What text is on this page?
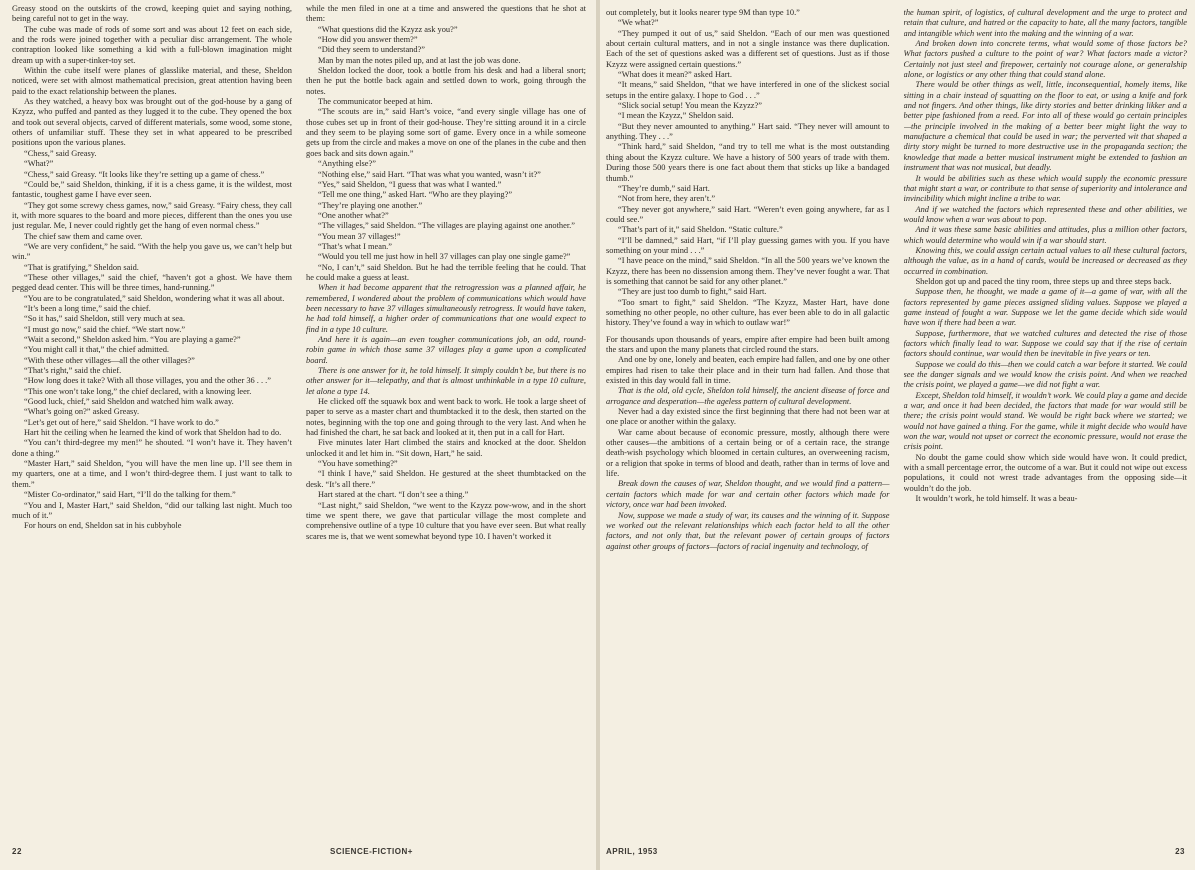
Greasy stood on the outskirts of the crowd, keeping quiet and saying nothing, being careful not to get in the way.

The cube was made of rods of some sort and was about 12 feet on each side, and the rods were joined together with a peculiar disc arrangement. The whole contraption looked like something a kid with a full-blown imagination might dream up with a super-tinker-toy set.

Within the cube itself were planes of glasslike material, and these, Sheldon noticed, were set with almost mathematical precision, great attention having been paid to the exact relationship between the planes.

As they watched, a heavy box was brought out of the god-house by a gang of Kzyzz, who puffed and panted as they lugged it to the cube. They opened the box and took out several objects, carved of different materials, some wood, some stone, others of unfamiliar stuff. These they set in what appeared to be prescribed positions upon the various planes.

“Chess,” said Greasy.

“What?”

“Chess,” said Greasy. “It looks like they’re setting up a game of chess.”

“Could be,” said Sheldon, thinking, if it is a chess game, it is the wildest, most fantastic, toughest game I have ever seen.

“They got some screwy chess games, now,” said Greasy. “Fairy chess, they call it, with more squares to the board and more pieces, different than the ones you use just regular. Me, I never could rightly get the hang of even normal chess.”

The chief saw them and came over.

“We are very confident,” he said. “With the help you gave us, we can’t help but win.”

“That is gratifying,” Sheldon said.

“These other villages,” said the chief, “haven’t got a ghost. We have them pegged dead center. This will be three times, hand-running.”

“You are to be congratulated,” said Sheldon, wondering what it was all about.

“It’s been a long time,” said the chief.

“So it has,” said Sheldon, still very much at sea.

“I must go now,” said the chief. “We start now.”

“Wait a second,” Sheldon asked him. “You are playing a game?”

“You might call it that,” the chief admitted.

“With these other villages—all the other villages?”

“That’s right,” said the chief.

“How long does it take? With all those villages, you and the other 36 . . .”

“This one won’t take long,” the chief declared, with a knowing leer.

“Good luck, chief,” said Sheldon and watched him walk away.

“What’s going on?” asked Greasy.

“Let’s get out of here,” said Sheldon. “I have work to do.”

Hart hit the ceiling when he learned the kind of work that Sheldon had to do.

“You can’t third-degree my men!” he shouted. “I won’t have it. They haven’t done a thing.”

“Master Hart,” said Sheldon, “you will have the men line up. I’ll see them in my quarters, one at a time, and I won’t third-degree them. I just want to talk to them.”

“Mister Co-ordinator,” said Hart, “I’ll do the talking for them.”

“You and I, Master Hart,” said Sheldon, “did our talking last night. Much too much of it.”

For hours on end, Sheldon sat in his cubbyhole

while the men filed in one at a time and answered the questions that he shot at them:

“What questions did the Kzyzz ask you?”

“How did you answer them?”

“Did they seem to understand?”

Man by man the notes piled up, and at last the job was done.

Sheldon locked the door, took a bottle from his desk and had a liberal snort; then he put the bottle back again and settled down to work, going through the notes.

The communicator beeped at him.

“The scouts are in,” said Hart’s voice, “and every single village has one of those cubes set up in front of their god-house. They’re sitting around it in a circle and they seem to be playing some sort of game. Every once in a while someone gets up from the circle and makes a move on one of the planes in the cube and then goes back and sits down again.”

“Anything else?”

“Nothing else,” said Hart. “That was what you wanted, wasn’t it?”

“Yes,” said Sheldon, “I guess that was what I wanted.”

“Tell me one thing,” asked Hart. “Who are they playing?”

“They’re playing one another.”

“One another what?”

“The villages,” said Sheldon. “The villages are playing against one another.”

“You mean 37 villages!”

“That’s what I mean.”

“Would you tell me just how in hell 37 villages can play one single game?”

“No, I can’t,” said Sheldon. But he had the terrible feeling that he could. That he could make a guess at least.

When it had become apparent that the retrogression was a planned affair, he remembered, I wondered about the problem of communications which would have been necessary to have 37 villages simultaneously retrogress. It would have taken, he had told himself, a higher order of communications that one would expect to find in a type 10 culture.

And here it is again—an even tougher communications job, an odd, round-robin game in which those same 37 villages play a game upon a complicated board.

There is one answer for it, he told himself. It simply couldn’t be, but there is no other answer for it—telepathy, and that is almost unthinkable in a type 10 culture, let alone a type 14.

He clicked off the squawk box and went back to work. He took a large sheet of paper to serve as a master chart and thumbtacked it to the desk, then started on the notes, beginning with the top one and going through to the very last. And when he had finished the chart, he sat back and looked at it, then put in a call for Hart.

Five minutes later Hart climbed the stairs and knocked at the door. Sheldon unlocked it and let him in. “Sit down, Hart,” he said.

“You have something?”

“I think I have,” said Sheldon. He gestured at the sheet thumbtacked on the desk. “It’s all there.”

Hart stared at the chart. “I don’t see a thing.”

“Last night,” said Sheldon, “we went to the Kzyzz pow-wow, and in the short time we spent there, we gave that particular village the most complete and comprehensive outline of a type 10 culture that you have ever seen. But what really scares me is, that we went somewhat beyond type 10. I haven’t worked it

22	SCIENCE-FICTION+

out completely, but it looks nearer type 9M than type 10.”

“We what?”

“They pumped it out of us,” said Sheldon. “Each of our men was questioned about certain cultural matters, and in not a single instance was there duplication. Each of the set of questions asked was a different set of questions. Just as if those Kzyzz were assigned certain questions.”

“What does it mean?” asked Hart.

“It means,” said Sheldon, “that we have interfered in one of the slickest social setups in the entire galaxy. I hope to God . . .”

“Slick social setup! You mean the Kzyzz?”

“I mean the Kzyzz,” Sheldon said.

“But they never amounted to anything.” Hart said. “They never will amount to anything. They . . .”

“Think hard,” said Sheldon, “and try to tell me what is the most outstanding thing about the Kzyzz culture. We have a history of 500 years of trade with them. During those 500 years there is one fact about them that sticks up like a bandaged thumb.”

“They’re dumb,” said Hart.

“Not from here, they aren’t.”

“They never got anywhere,” said Hart. “Weren’t even going anywhere, far as I could see.”

“That’s part of it,” said Sheldon. “Static culture.”

“I’ll be damned,” said Hart, “if I’ll play guessing games with you. If you have something on your mind . . .”

“I have peace on the mind,” said Sheldon. “In all the 500 years we’ve known the Kzyzz, there has been no dissension among them. They’ve never fought a war. That is something that cannot be said for any other planet.”

“They are just too dumb to fight,” said Hart.

“Too smart to fight,” said Sheldon. “The Kzyzz, Master Hart, have done something no other people, no other culture, has ever been able to do in all galactic history. They’ve found a way in which to outlaw war!”

For thousands upon thousands of years, empire after empire had been built among the stars and upon the many planets that circled round the stars.

And one by one, lonely and beaten, each empire had fallen, and one by one other empires had risen to take their place and in their turn had fallen. And those that existed in this day would fall in time.

That is the old, old cycle, Sheldon told himself, the ancient disease of force and arrogance and desperation—the ageless pattern of cultural development.

Never had a day existed since the first beginning that there had not been war at one place or another within the galaxy.

War came about because of economic pressure, mostly, although there were other causes—the ambitions of a certain being or of a certain race, the strange death-wish psychology which bloomed in certain cultures, an overweening racism, or a religion that spoke in terms of blood and death, rather than in terms of love and life.

Break down the causes of war, Sheldon thought, and we would find a pattern—certain factors which made for war and certain other factors which made for victory, once war had been invoked.

Now, suppose we made a study of war, its causes and the winning of it. Suppose we worked out the relevant relationships which each factor held to all the other factors, and not only that, but the relevant power of certain groups of factors against other groups of factors—factors of racial ingenuity and technology, of

the human spirit, of logistics, of cultural development and the urge to protect and retain that culture, and hatred or the capacity to hate, all the many factors, tangible and intangible which went into the making and the winning of a war.

And broken down into concrete terms, what would some of those factors be? What factors pushed a culture to the point of war? What factors made a victor? Certainly not just steel and firepower, certainly not courage alone, or generalship alone, or logistics or any other thing that could stand alone.

There would be other things as well, little, inconsequential, homely items, like sitting in a chair instead of squatting on the floor to eat, or using a knife and fork and not fingers. And other things, like dirty stories and better drinking likker and a better pipe fashioned from a reed. For into all of these would go certain principles—the principle involved in the making of a better beer might light the way to manufacture a chemical that could be used in war; the perverted wit that shaped a dirty story might be turned to more destructive use in the propaganda section; the knowledge that made a better musical instrument might be extended to fashion an instrument that was not musical, but deadly.

It would be abilities such as these which would supply the economic pressure that might start a war, or contribute to that sense of superiority and intolerance and invincibility which might incline a tribe to war.

And if we watched the factors which represented these and other abilities, we would know when a war was about to pop.

And it was these same basic abilities and attitudes, plus a million other factors, which would determine who would win if a war should start.

Knowing this, we could assign certain actual values to all these cultural factors, although the value, as in a hand of cards, would be increased or decreased as they occurred in combination.

Sheldon got up and paced the tiny room, three steps up and three steps back.

Suppose then, he thought, we made a game of it—a game of war, with all the factors represented by game pieces assigned sliding values. Suppose we played a game instead of fought a war. Suppose we let the game decide which side would have won if there had been a war.

Suppose, furthermore, that we watched cultures and detected the rise of those factors which finally lead to war. Suppose we could say that if the rise of certain factors should continue, war would then be inevitable in five years or ten.

Suppose we could do this—then we could catch a war before it started. We could see the danger signals and we would know the crisis point. And when we reached the crisis point, we played a game—we did not fight a war.

Except, Sheldon told himself, it wouldn’t work. We could play a game and decide a war, and once it had been decided, the factors that made for war would still be there; the crisis point would stand. We would be right back where we started; we would not have gained a thing. For the game, while it might decide who would have won the war, would not upset or correct the economic pressure, would not erase the crisis point.

No doubt the game could show which side would have won. It could predict, with a small percentage error, the outcome of a war. But it could not wipe out excess populations, it could not wrest trade advantages from the opposing side—it wouldn’t do the job.

It wouldn’t work, he told himself. It was a beau-

APRIL, 1953	23
